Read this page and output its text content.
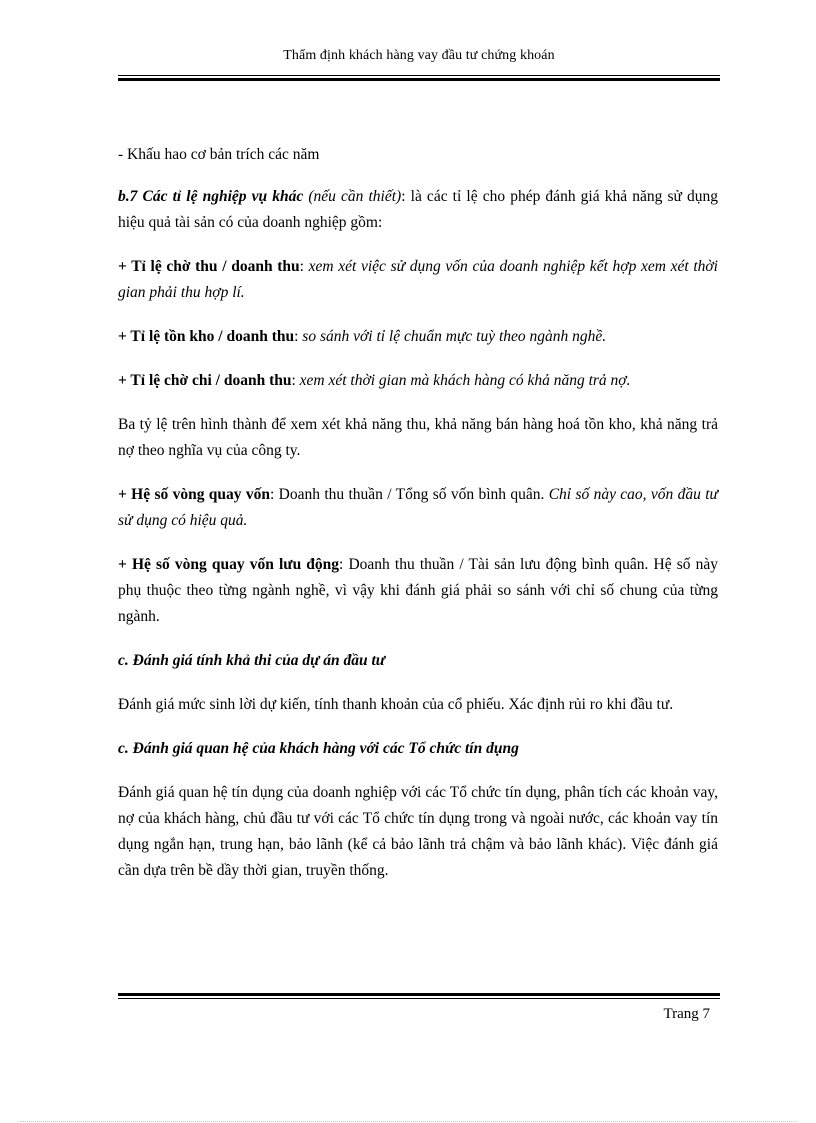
Thẩm định khách hàng vay đầu tư chứng khoán

- Khấu hao cơ bản trích các năm

b.7 Các tỉ lệ nghiệp vụ khác (nếu cần thiết): là các tỉ lệ cho phép đánh giá khả năng sử dụng hiệu quả tài sản có của doanh nghiệp gồm:

+ Tỉ lệ chờ thu / doanh thu: xem xét việc sử dụng vốn của doanh nghiệp kết hợp xem xét thời gian phải thu hợp lí.

+ Tỉ lệ tồn kho / doanh thu: so sánh với tỉ lệ chuẩn mực tuỳ theo ngành nghề.

+ Tỉ lệ chờ chi / doanh thu: xem xét thời gian mà khách hàng có khả năng trả nợ.

Ba tỷ lệ trên hình thành để xem xét khả năng thu, khả năng bán hàng hoá tồn kho, khả năng trả nợ theo nghĩa vụ của công ty.

+ Hệ số vòng quay vốn: Doanh thu thuần / Tổng số vốn bình quân. Chỉ số này cao, vốn đầu tư sử dụng có hiệu quả.

+ Hệ số vòng quay vốn lưu động: Doanh thu thuần / Tài sản lưu động bình quân. Hệ số này phụ thuộc theo từng ngành nghề, vì vậy khi đánh giá phải so sánh với chỉ số chung của từng ngành.

c. Đánh giá tính khả thi của dự án đầu tư

Đánh giá mức sinh lời dự kiến, tính thanh khoản của cổ phiếu. Xác định rủi ro khi đầu tư.

c. Đánh giá quan hệ của khách hàng với các Tổ chức tín dụng

Đánh giá quan hệ tín dụng của doanh nghiệp với các Tổ chức tín dụng, phân tích các khoản vay, nợ của khách hàng, chủ đầu tư với các Tổ chức tín dụng trong và ngoài nước, các khoản vay tín dụng ngắn hạn, trung hạn, bảo lãnh (kể cả bảo lãnh trả chậm và bảo lãnh khác). Việc đánh giá cần dựa trên bề dầy thời gian, truyền thống.

Trang 7
